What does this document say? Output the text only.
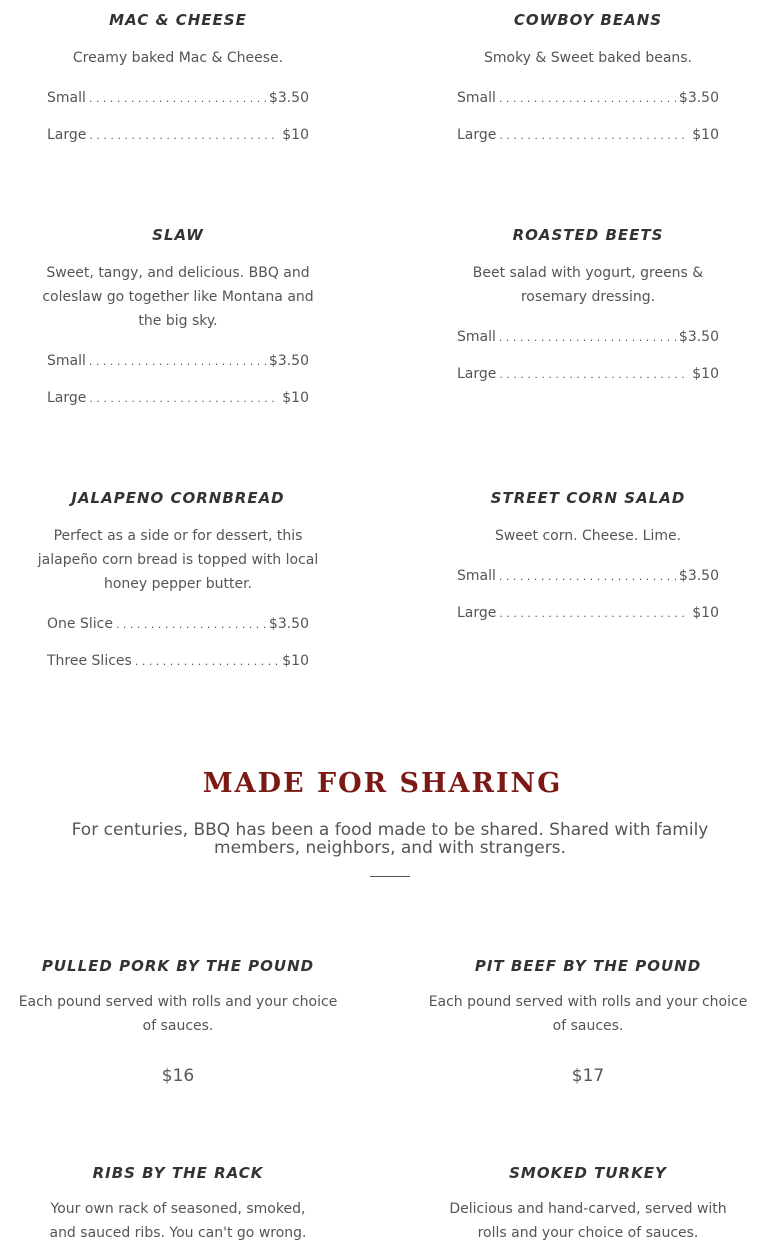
MAC & CHEESE

Creamy baked Mac & Cheese.

Small . . .	$3.50
Large . . .	$10
COWBOY BEANS

Smoky & Sweet baked beans.

Small . . .	$3.50
Large . . .	$10
SLAW

Sweet, tangy, and delicious. BBQ and coleslaw go together like Montana and the big sky.

Small . . .	$3.50
Large . . .	$10
ROASTED BEETS

Beet salad with yogurt, greens & rosemary dressing.

Small . . .	$3.50
Large . . .	$10
JALAPENO CORNBREAD

Perfect as a side or for dessert, this jalapeño corn bread is topped with local honey pepper butter.

One Slice . . .	$3.50
Three Slices . . .	$10
STREET CORN SALAD

Sweet corn. Cheese. Lime.

Small . . .	$3.50
Large . . .	$10
MADE FOR SHARING

For centuries, BBQ has been a food made to be shared. Shared with family members, neighbors, and with strangers.

PULLED PORK BY THE POUND

Each pound served with rolls and your choice of sauces.

$16
PIT BEEF BY THE POUND

Each pound served with rolls and your choice of sauces.

$17
RIBS BY THE RACK

Your own rack of seasoned, smoked, and sauced ribs. You can't go wrong.

SMOKED TURKEY

Delicious and hand-carved, served with rolls and your choice of sauces.
